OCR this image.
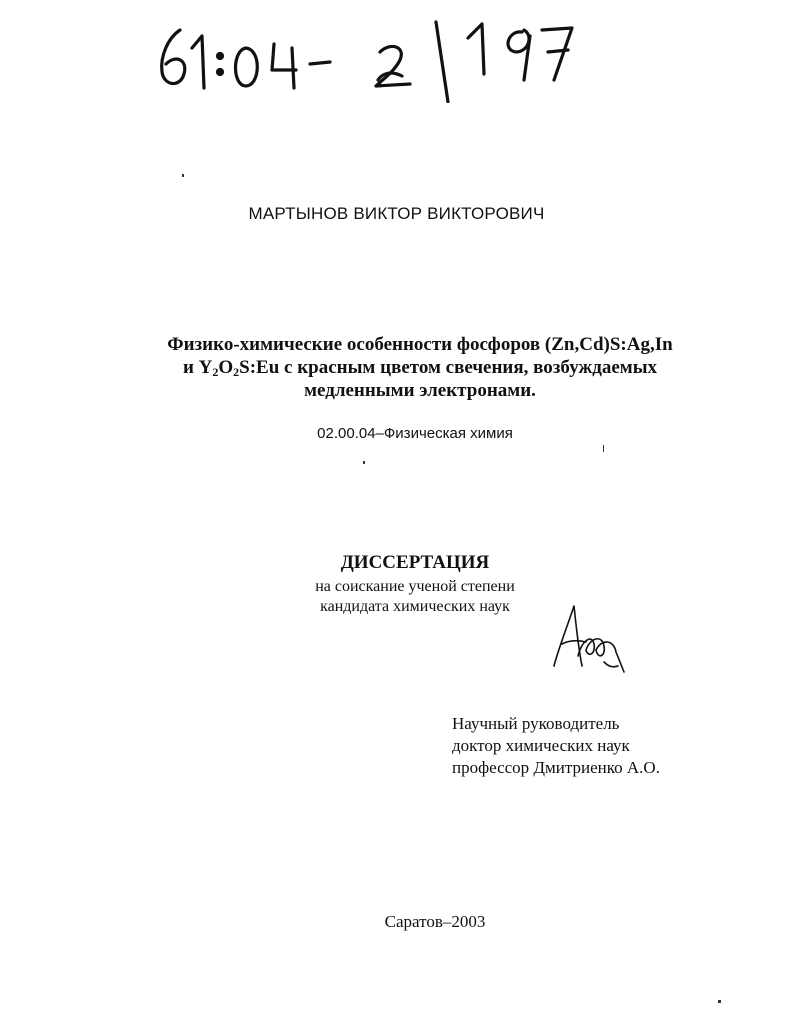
МАРТЫНОВ ВИКТОР ВИКТОРОВИЧ
Физико-химические особенности фосфоров (Zn,Cd)S:Ag,In
и $Y_2O_2S:Eu$ с красным цветом свечения, возбуждаемых
медленными электронами.
02.00.04–Физическая химия
ДИССЕРТАЦИЯ
на соискание ученой степени
кандидата химических наук
Научный руководитель
доктор химических наук
профессор Дмитриенко А.О.
Саратов–2003
